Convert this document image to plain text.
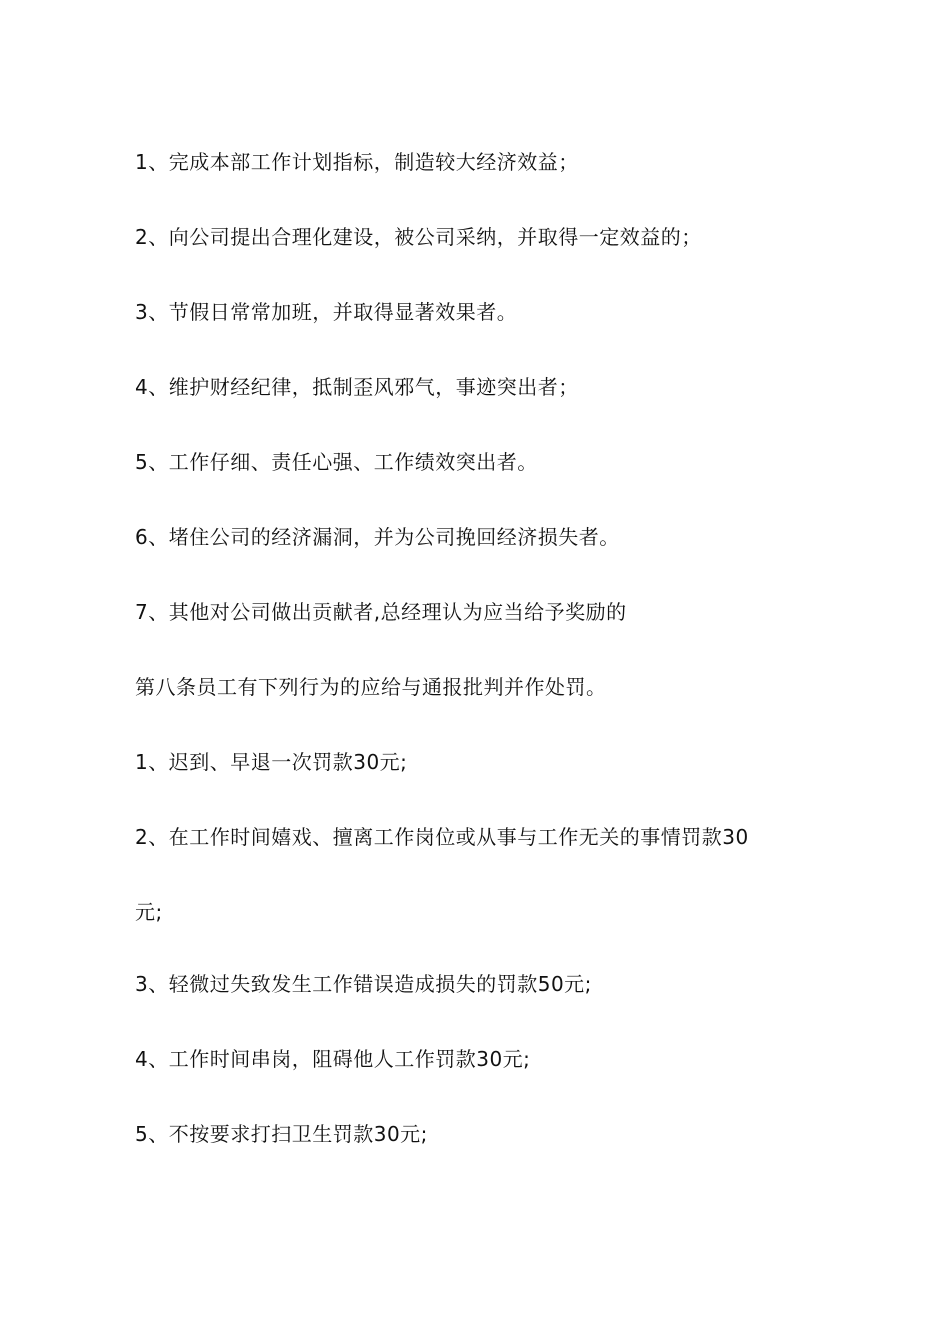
1、完成本部工作计划指标，制造较大经济效益；

2、向公司提出合理化建设，被公司采纳，并取得一定效益的；

3、节假日常常加班，并取得显著效果者。

4、维护财经纪律，抵制歪风邪气，事迹突出者；

5、工作仔细、责任心强、工作绩效突出者。

6、堵住公司的经济漏洞，并为公司挽回经济损失者。

7、其他对公司做出贡献者,总经理认为应当给予奖励的

第八条员工有下列行为的应给与通报批判并作处罚。

1、迟到、早退一次罚款30元;

2、在工作时间嬉戏、擅离工作岗位或从事与工作无关的事情罚款30

元;

3、轻微过失致发生工作错误造成损失的罚款50元;

4、工作时间串岗，阻碍他人工作罚款30元;

5、不按要求打扫卫生罚款30元;
